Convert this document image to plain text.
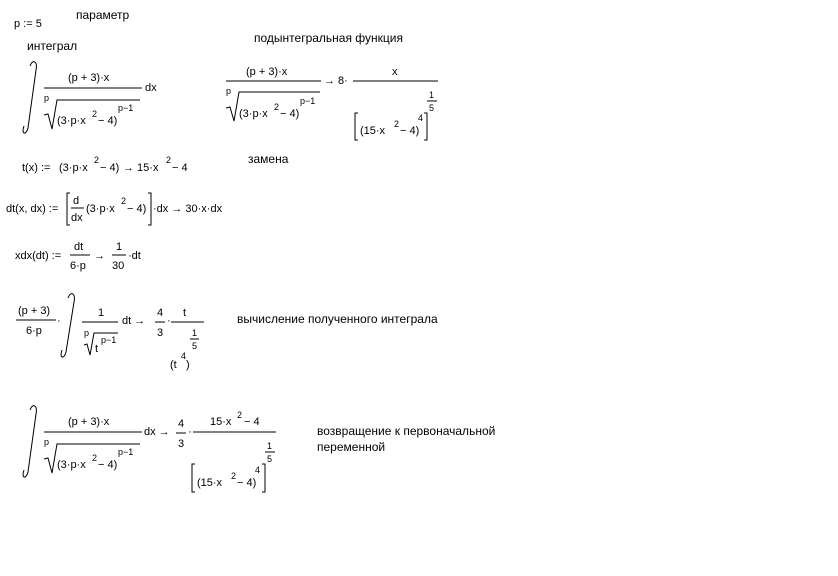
параметр
интеграл
подынтегральная функция
замена
вычисление полученного интеграла
возвращение к первоначальной
переменной
p := 5
(p + 3)·x
p
(3·p·x
2
− 4)
p−1
dx
(p + 3)·x
p
(3·p·x
2
− 4)
p−1
→ 8·
x
(15·x
2
− 4)
4
1
5
t(x) := (3·p·x
2
− 4) → 15·x
2
− 4
dt(x, dx) :=
d
dx
(3·p·x
2
− 4) ·dx → 30·x·dx
xdx(dt) :=
dt
6·p
→
1
30
·dt
(p + 3)
6·p
·
1
p
t
p−1
dt →
4
3
·
t
(t
4
)
1
5
(p + 3)·x
p
(3·p·x
2
− 4)
p−1
dx →
4
3
·
15·x
2
− 4
(15·x
2
− 4)
4
1
5
